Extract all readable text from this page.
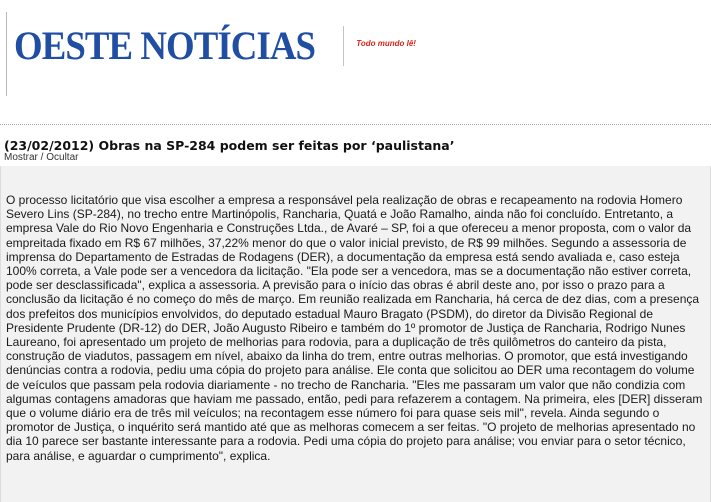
OESTE NOTÍCIAS	Todo mundo lê!
(23/02/2012) Obras na SP-284 podem ser feitas por ‘paulistana’
Mostrar / Ocultar

O processo licitatório que visa escolher a empresa a responsável pela realização de obras e recapeamento na rodovia Homero Severo Lins (SP-284), no trecho entre Martinópolis, Rancharia, Quatá e João Ramalho, ainda não foi concluído. Entretanto, a empresa Vale do Rio Novo Engenharia e Construções Ltda., de Avaré – SP, foi a que ofereceu a menor proposta, com o valor da empreitada fixado em R$ 67 milhões, 37,22% menor do que o valor inicial previsto, de R$ 99 milhões. Segundo a assessoria de imprensa do Departamento de Estradas de Rodagens (DER), a documentação da empresa está sendo avaliada e, caso esteja 100% correta, a Vale pode ser a vencedora da licitação. "Ela pode ser a vencedora, mas se a documentação não estiver correta, pode ser desclassificada", explica a assessoria. A previsão para o início das obras é abril deste ano, por isso o prazo para a conclusão da licitação é no começo do mês de março. Em reunião realizada em Rancharia, há cerca de dez dias, com a presença dos prefeitos dos municípios envolvidos, do deputado estadual Mauro Bragato (PSDM), do diretor da Divisão Regional de Presidente Prudente (DR-12) do DER, João Augusto Ribeiro e também do 1º promotor de Justiça de Rancharia, Rodrigo Nunes Laureano, foi apresentado um projeto de melhorias para rodovia, para a duplicação de três quilômetros do canteiro da pista, construção de viadutos, passagem em nível, abaixo da linha do trem, entre outras melhorias. O promotor, que está investigando denúncias contra a rodovia, pediu uma cópia do projeto para análise. Ele conta que solicitou ao DER uma recontagem do volume de veículos que passam pela rodovia diariamente - no trecho de Rancharia. "Eles me passaram um valor que não condizia com algumas contagens amadoras que haviam me passado, então, pedi para refazerem a contagem. Na primeira, eles [DER] disseram que o volume diário era de três mil veículos; na recontagem esse número foi para quase seis mil", revela. Ainda segundo o promotor de Justiça, o inquérito será mantido até que as melhoras comecem a ser feitas. "O projeto de melhorias apresentado no dia 10 parece ser bastante interessante para a rodovia. Pedi uma cópia do projeto para análise; vou enviar para o setor técnico, para análise, e aguardar o cumprimento", explica.
